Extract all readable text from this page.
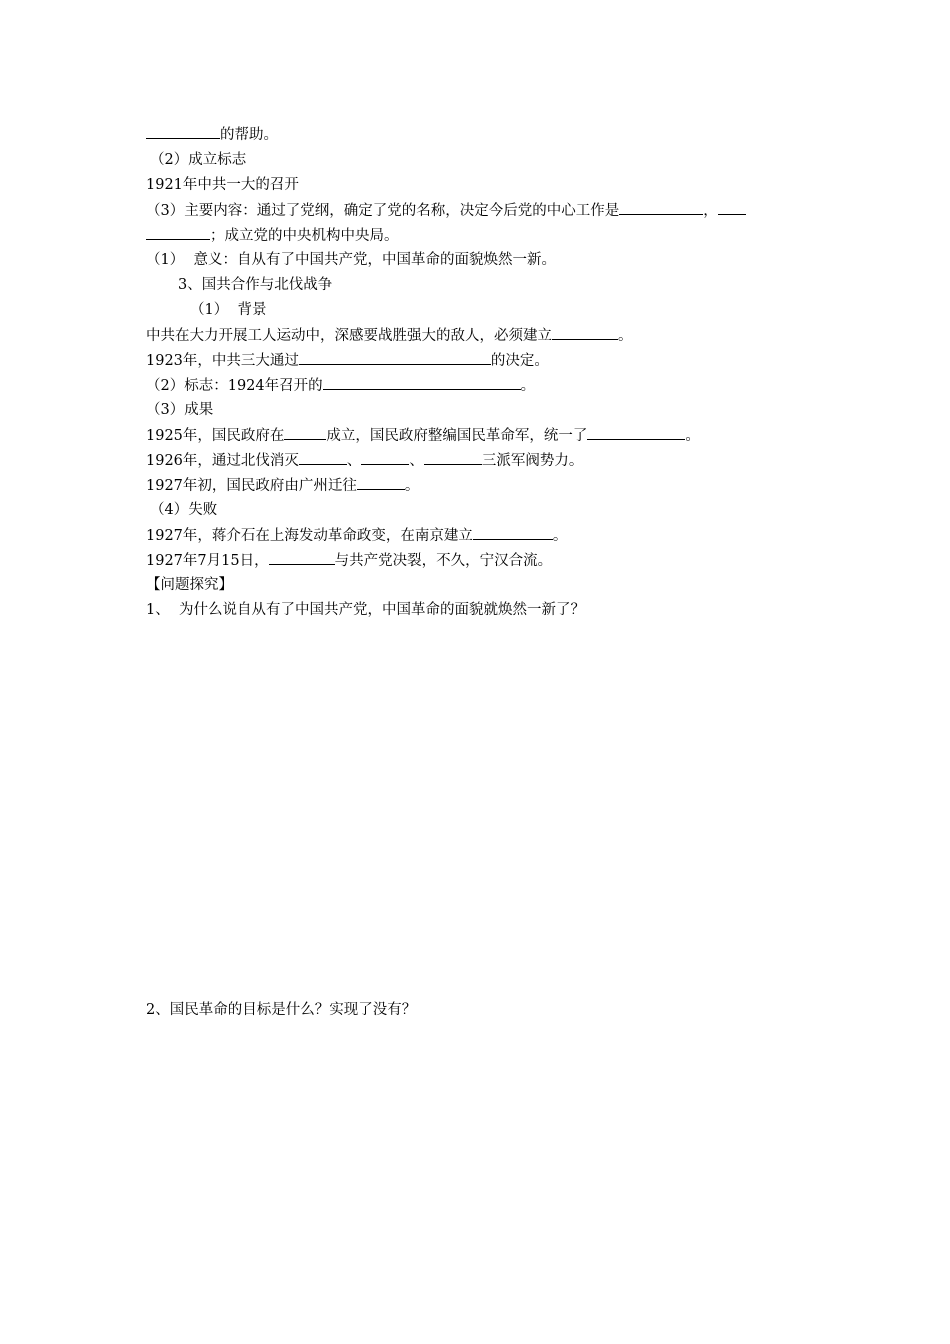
的帮助。
（2）成立标志
1921年中共一大的召开
（3）主要内容：通过了党纲，确定了党的名称，决定今后党的中心工作是	，
；成立党的中央机构中央局。
（1）  意义：自从有了中国共产党，中国革命的面貌焕然一新。
3、国共合作与北伐战争
（1）  背景
中共在大力开展工人运动中，深感要战胜强大的敌人，必须建立	。
1923年，中共三大通过	的决定。
（2）标志：1924年召开的	。
（3）成果
1925年，国民政府在	成立，国民政府整编国民革命军，统一了	。
1926年，通过北伐消灭	、	、	三派军阀势力。
1927年初，国民政府由广州迁往	。
（4）失败
1927年，蒋介石在上海发动革命政变，在南京建立	。
1927年7月15日，	与共产党决裂，不久，宁汉合流。
【问题探究】
1、  为什么说自从有了中国共产党，中国革命的面貌就焕然一新了？
2、国民革命的目标是什么？实现了没有？
